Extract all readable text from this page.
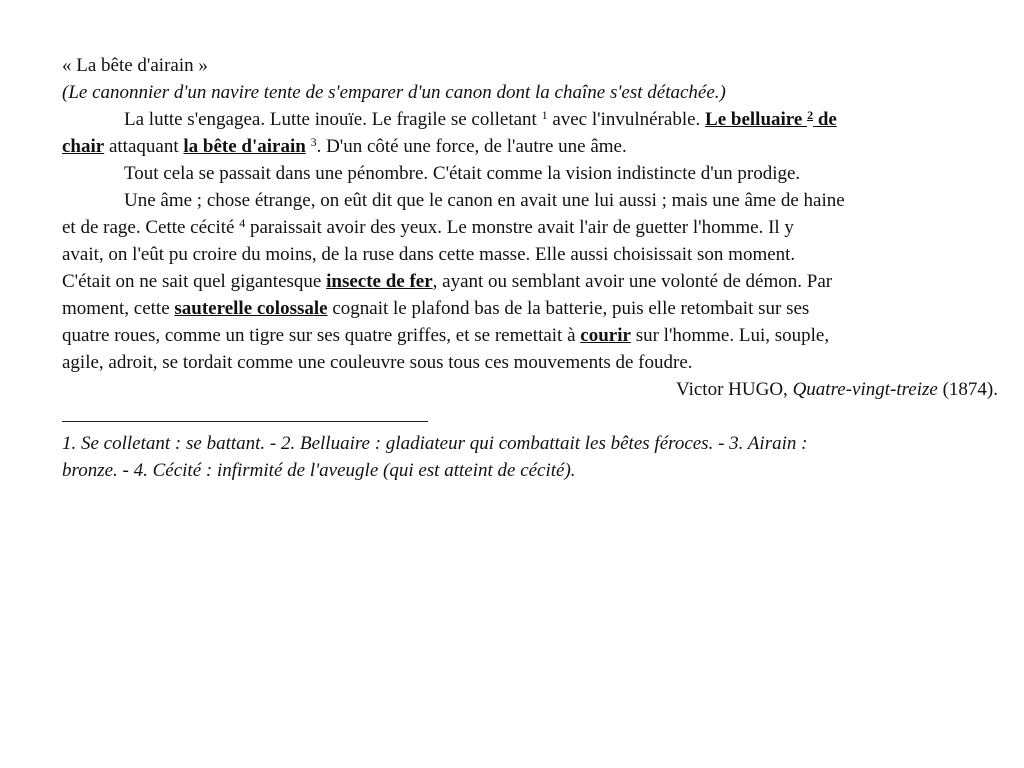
« La bête d'airain »
(Le canonnier d'un navire tente de s'emparer d'un canon dont la chaîne s'est détachée.)
La lutte s'engagea. Lutte inouïe. Le fragile se colletant $^1$ avec l'invulnérable. Le belluaire $^2$ de
chair attaquant la bête d'airain $^3$. D'un côté une force, de l'autre une âme.
Tout cela se passait dans une pénombre. C'était comme la vision indistincte d'un prodige.
Une âme ; chose étrange, on eût dit que le canon en avait une lui aussi ; mais une âme de haine
et de rage. Cette cécité $^4$ paraissait avoir des yeux. Le monstre avait l'air de guetter l'homme. Il y
avait, on l'eût pu croire du moins, de la ruse dans cette masse. Elle aussi choisissait son moment.
C'était on ne sait quel gigantesque insecte de fer, ayant ou semblant avoir une volonté de démon. Par
moment, cette sauterelle colossale cognait le plafond bas de la batterie, puis elle retombait sur ses
quatre roues, comme un tigre sur ses quatre griffes, et se remettait à courir sur l'homme. Lui, souple,
agile, adroit, se tordait comme une couleuvre sous tous ces mouvements de foudre.
Victor HUGO, Quatre-vingt-treize (1874).
1. Se colletant : se battant. - 2. Belluaire : gladiateur qui combattait les bêtes féroces. - 3. Airain :
bronze. - 4. Cécité : infirmité de l'aveugle (qui est atteint de cécité).
